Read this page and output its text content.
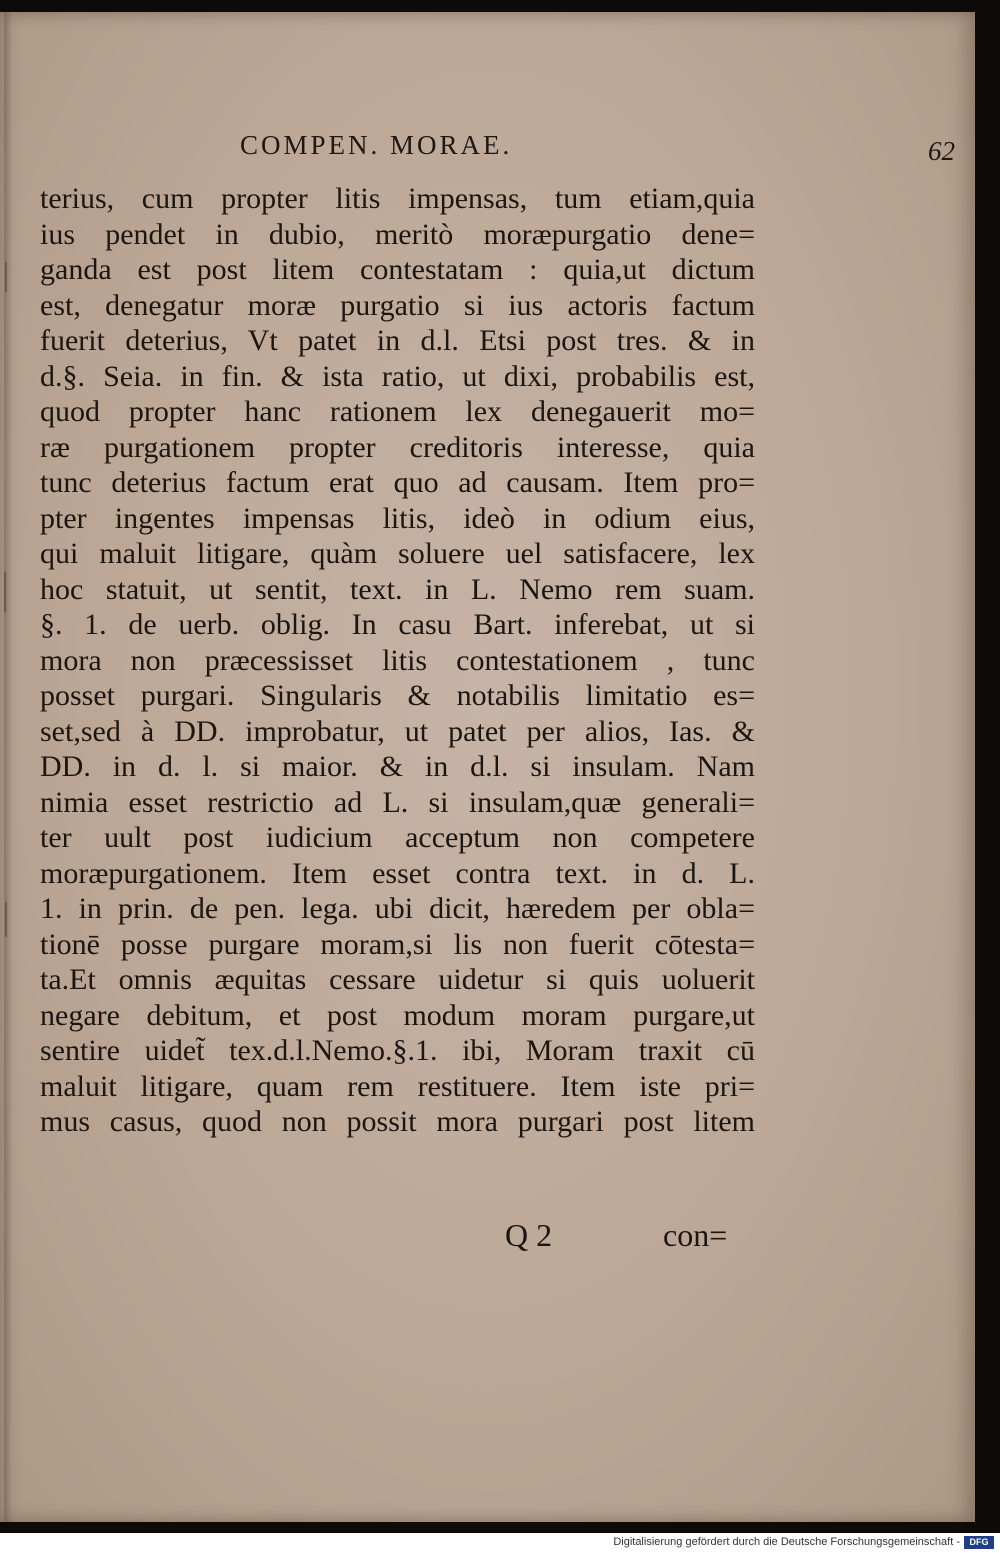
COMPEN. MORAE.	62
terius, cum propter litis impensas, tum etiam,quia
ius pendet in dubio, meritò moræpurgatio dene=
ganda est post litem contestatam : quia,ut dictum
est, denegatur moræ purgatio si ius actoris factum
fuerit deterius, Vt patet in d.l. Etsi post tres. & in
d.§. Seia. in fin. & ista ratio, ut dixi, probabilis est,
quod propter hanc rationem lex denegauerit mo=
ræ purgationem propter creditoris interesse, quia
tunc deterius factum erat quo ad causam. Item pro=
pter ingentes impensas litis, ideò in odium eius,
qui maluit litigare, quàm soluere uel satisfacere, lex
hoc statuit, ut sentit, text. in L. Nemo rem suam.
§. 1. de uerb. oblig. In casu Bart. inferebat, ut si
mora non præcessisset litis contestationem , tunc
posset purgari. Singularis & notabilis limitatio es=
set,sed à DD. improbatur, ut patet per alios, Ias. &
DD. in d. l. si maior. & in d.l. si insulam. Nam
nimia esset restrictio ad L. si insulam,quæ generali=
ter uult post iudicium acceptum non competere
moræpurgationem. Item esset contra text. in d. L.
1. in prin. de pen. lega. ubi dicit, hæredem per obla=
tionē posse purgare moram,si lis non fuerit cōtesta=
ta.Et omnis æquitas cessare uidetur si quis uoluerit
negare debitum, et post modum moram purgare,ut
sentire uidet̃ tex.d.l.Nemo.§.1. ibi, Moram traxit cū
maluit litigare, quam rem restituere. Item iste pri=
mus casus, quod non possit mora purgari post litem
Q 2	con=
Digitalisierung gefördert durch die Deutsche Forschungsgemeinschaft -	DFG
